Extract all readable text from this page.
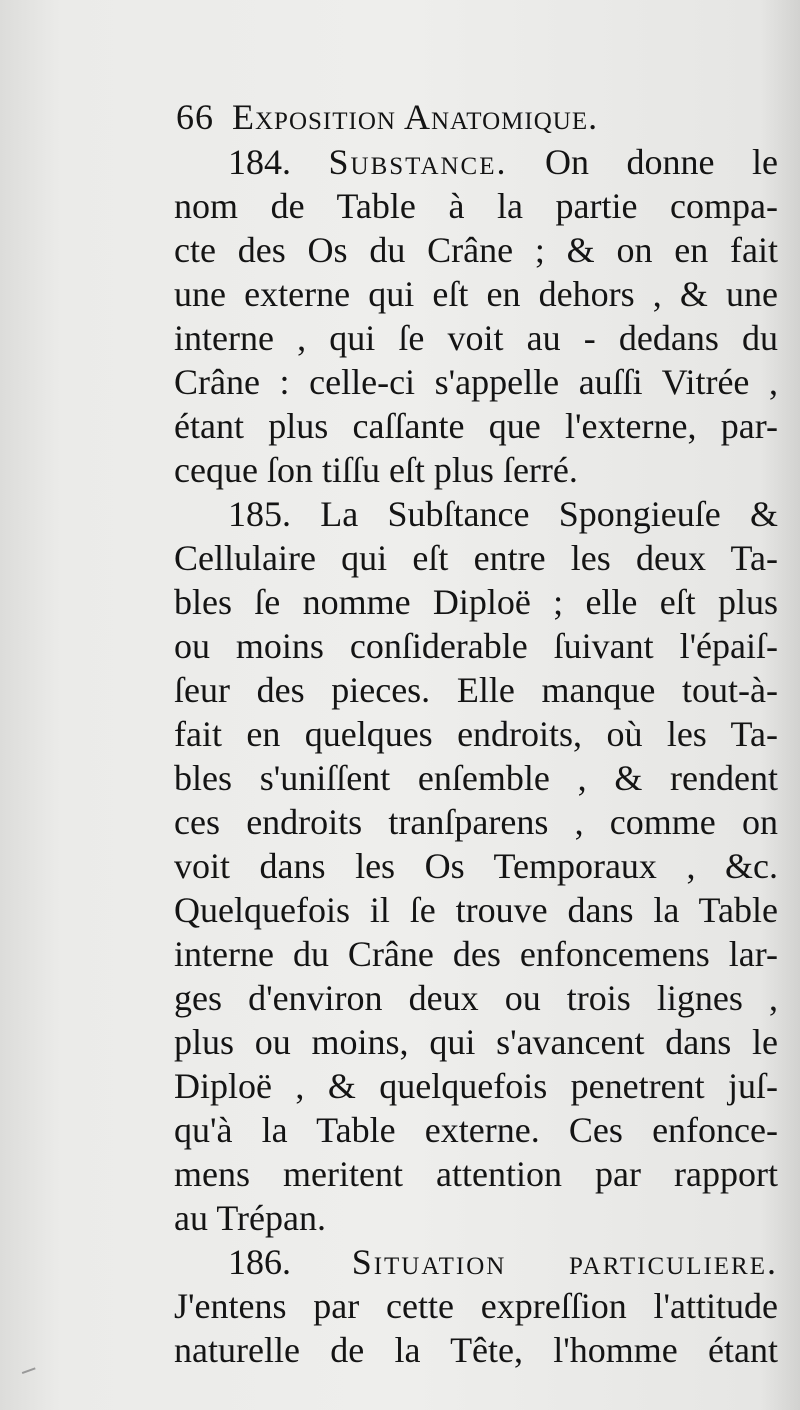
66 Exposition Anatomique.
184. Substance. On donne le
nom de Table à la partie compa-
cte des Os du Crâne ; & on en fait
une externe qui eſt en dehors , & une
interne , qui ſe voit au - dedans du
Crâne : celle-ci s'appelle auſſi Vitrée ,
étant plus caſſante que l'externe, par-
ceque ſon tiſſu eſt plus ſerré.
185. La Subſtance Spongieuſe &
Cellulaire qui eſt entre les deux Ta-
bles ſe nomme Diploë ; elle eſt plus
ou moins conſiderable ſuivant l'épaiſ-
ſeur des pieces. Elle manque tout-à-
fait en quelques endroits, où les Ta-
bles s'uniſſent enſemble , & rendent
ces endroits tranſparens , comme on
voit dans les Os Temporaux , &c.
Quelquefois il ſe trouve dans la Table
interne du Crâne des enfoncemens lar-
ges d'environ deux ou trois lignes ,
plus ou moins, qui s'avancent dans le
Diploë , & quelquefois penetrent juſ-
qu'à la Table externe. Ces enfonce-
mens meritent attention par rapport
au Trépan.
186. Situation particuliere.
J'entens par cette expreſſion l'attitude
naturelle de la Tête, l'homme étant
